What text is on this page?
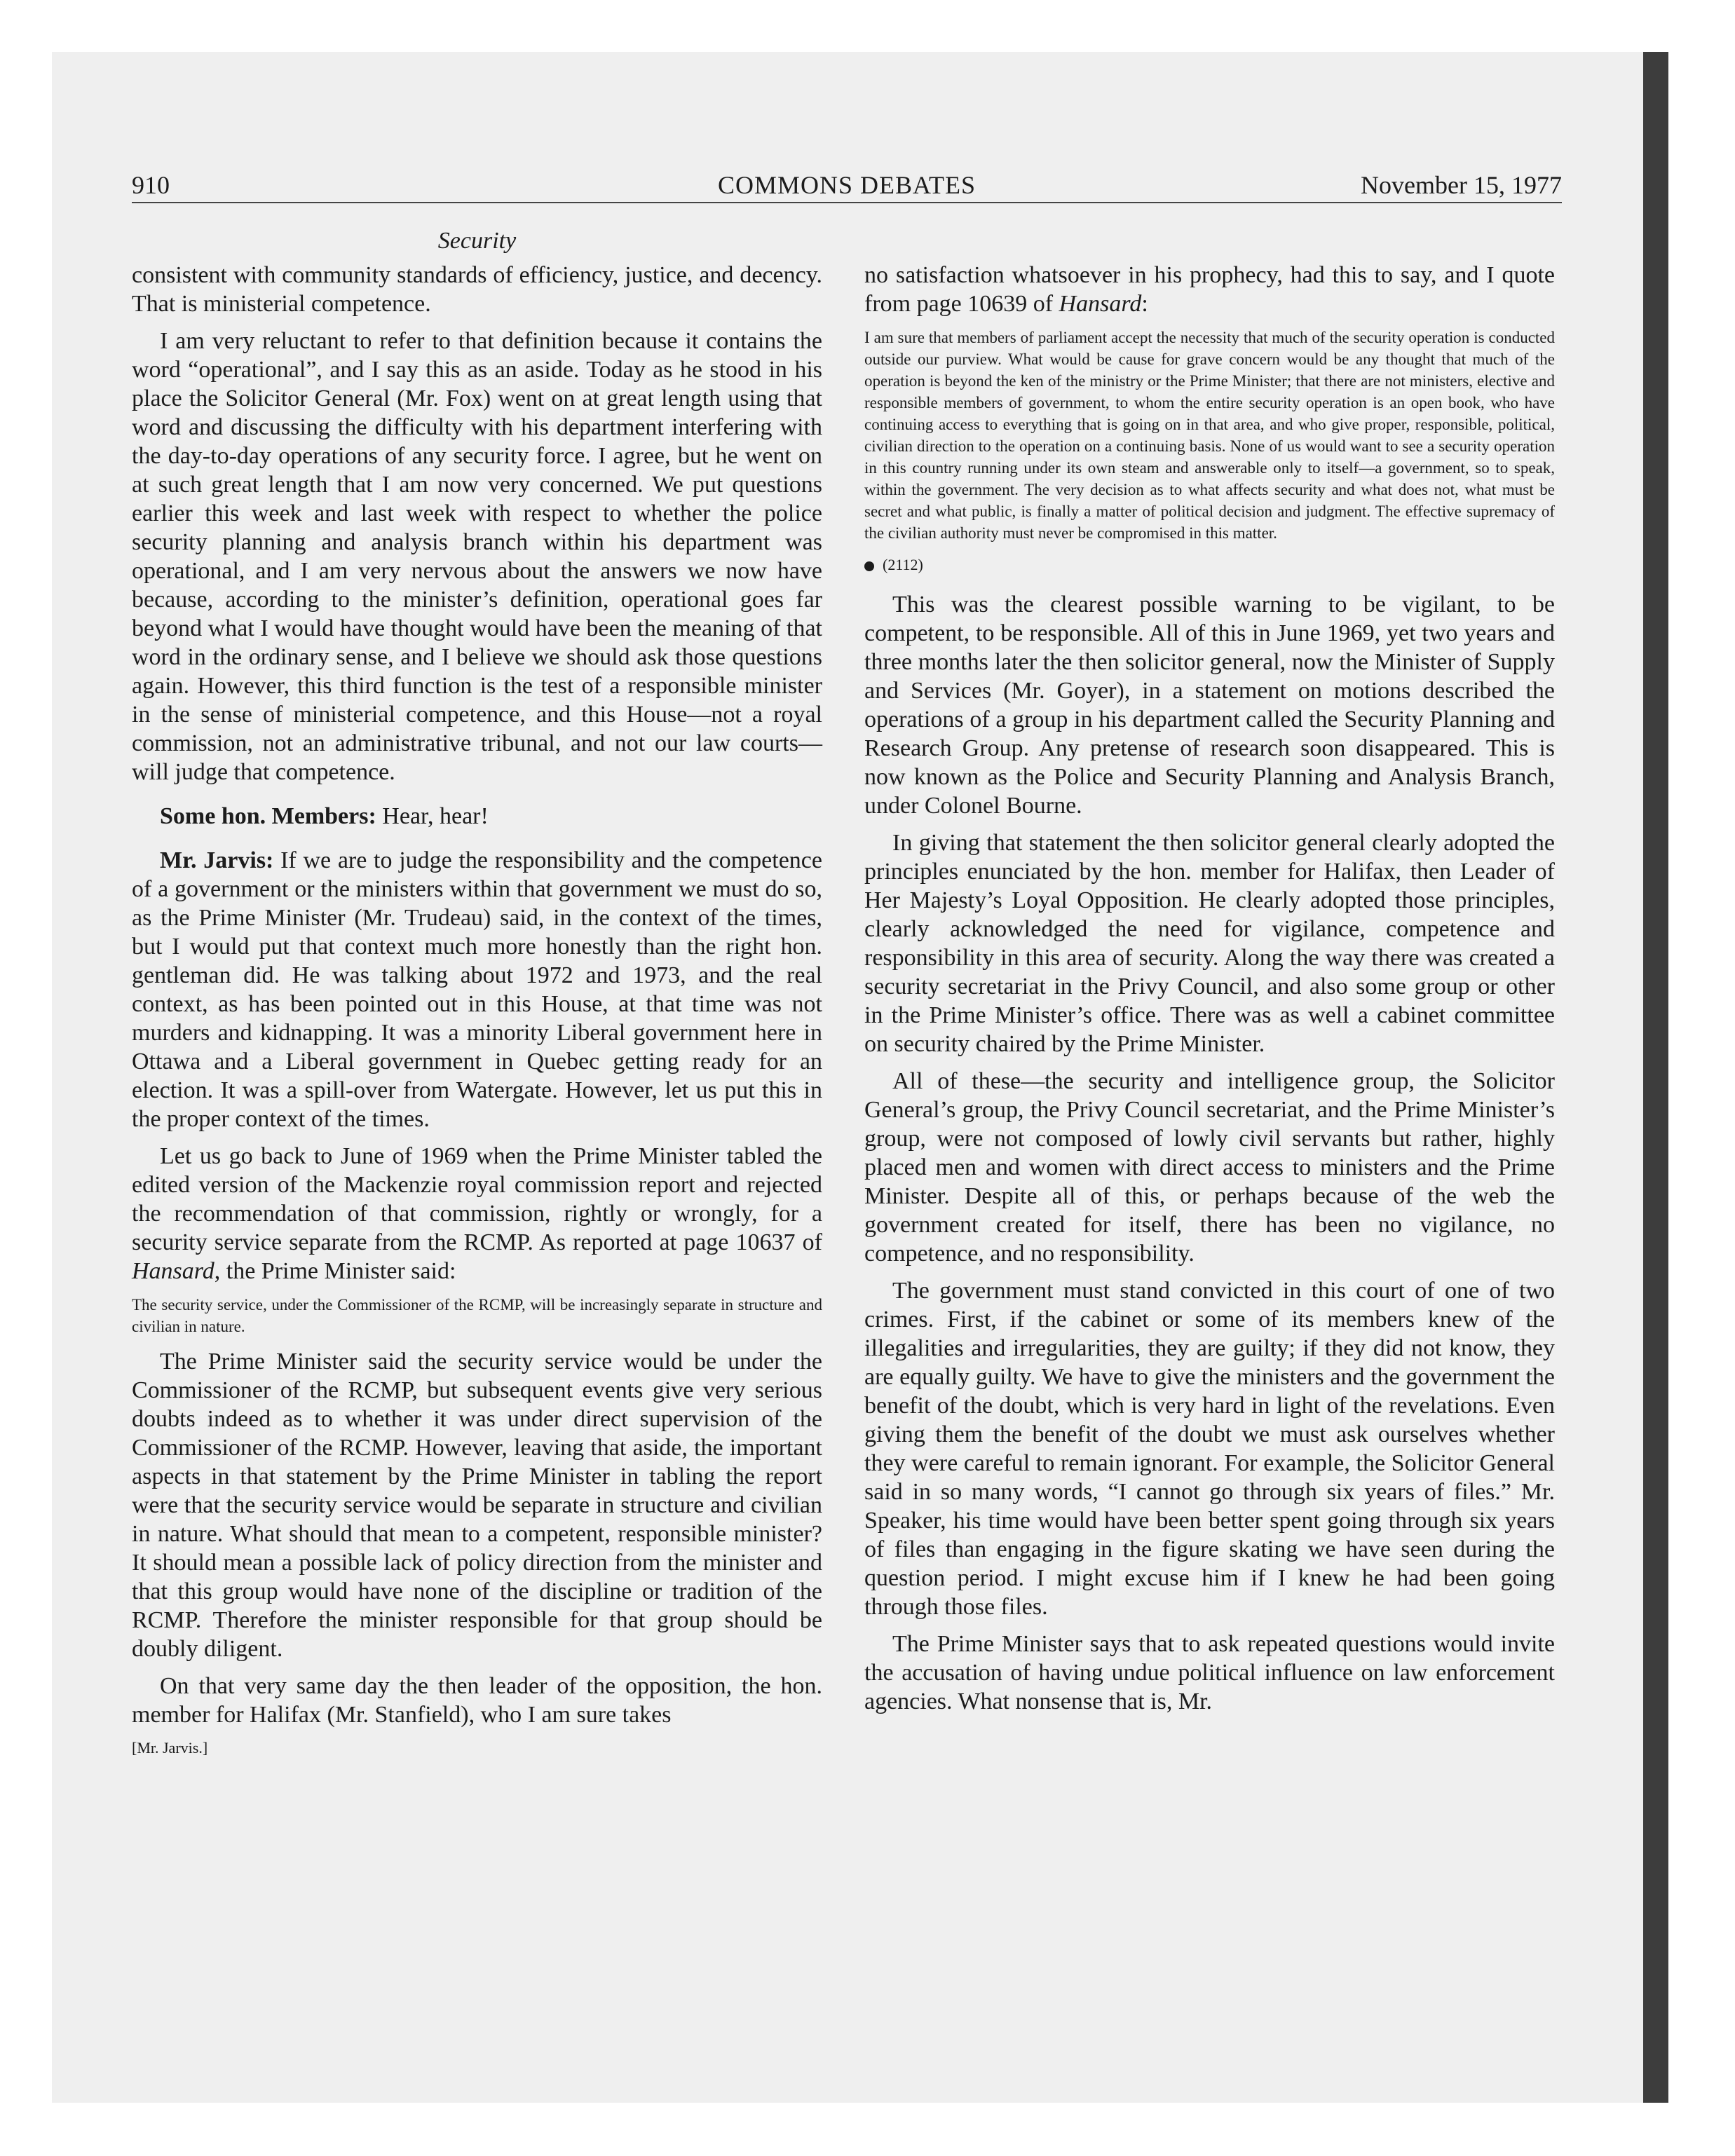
910	COMMONS DEBATES	November 15, 1977
Security

consistent with community standards of efficiency, justice, and decency. That is ministerial competence.

I am very reluctant to refer to that definition because it contains the word “operational”, and I say this as an aside. Today as he stood in his place the Solicitor General (Mr. Fox) went on at great length using that word and discussing the difficulty with his department interfering with the day-to-day operations of any security force. I agree, but he went on at such great length that I am now very concerned. We put questions earlier this week and last week with respect to whether the police security planning and analysis branch within his department was operational, and I am very nervous about the answers we now have because, according to the minister’s definition, operational goes far beyond what I would have thought would have been the meaning of that word in the ordinary sense, and I believe we should ask those questions again. However, this third function is the test of a responsible minister in the sense of ministerial competence, and this House—not a royal commission, not an administrative tribunal, and not our law courts—will judge that competence.

Some hon. Members: Hear, hear!

Mr. Jarvis: If we are to judge the responsibility and the competence of a government or the ministers within that government we must do so, as the Prime Minister (Mr. Trudeau) said, in the context of the times, but I would put that context much more honestly than the right hon. gentleman did. He was talking about 1972 and 1973, and the real context, as has been pointed out in this House, at that time was not murders and kidnapping. It was a minority Liberal government here in Ottawa and a Liberal government in Quebec getting ready for an election. It was a spill-over from Watergate. However, let us put this in the proper context of the times.

Let us go back to June of 1969 when the Prime Minister tabled the edited version of the Mackenzie royal commission report and rejected the recommendation of that commission, rightly or wrongly, for a security service separate from the RCMP. As reported at page 10637 of Hansard, the Prime Minister said:

The security service, under the Commissioner of the RCMP, will be increasingly separate in structure and civilian in nature.

The Prime Minister said the security service would be under the Commissioner of the RCMP, but subsequent events give very serious doubts indeed as to whether it was under direct supervision of the Commissioner of the RCMP. However, leaving that aside, the important aspects in that statement by the Prime Minister in tabling the report were that the security service would be separate in structure and civilian in nature. What should that mean to a competent, responsible minister? It should mean a possible lack of policy direction from the minister and that this group would have none of the discipline or tradition of the RCMP. Therefore the minister responsible for that group should be doubly diligent.

On that very same day the then leader of the opposition, the hon. member for Halifax (Mr. Stanfield), who I am sure takes

[Mr. Jarvis.]

no satisfaction whatsoever in his prophecy, had this to say, and I quote from page 10639 of Hansard:

I am sure that members of parliament accept the necessity that much of the security operation is conducted outside our purview. What would be cause for grave concern would be any thought that much of the operation is beyond the ken of the ministry or the Prime Minister; that there are not ministers, elective and responsible members of government, to whom the entire security operation is an open book, who have continuing access to everything that is going on in that area, and who give proper, responsible, political, civilian direction to the operation on a continuing basis. None of us would want to see a security operation in this country running under its own steam and answerable only to itself—a government, so to speak, within the government. The very decision as to what affects security and what does not, what must be secret and what public, is finally a matter of political decision and judgment. The effective supremacy of the civilian authority must never be compromised in this matter.

(2112)

This was the clearest possible warning to be vigilant, to be competent, to be responsible. All of this in June 1969, yet two years and three months later the then solicitor general, now the Minister of Supply and Services (Mr. Goyer), in a statement on motions described the operations of a group in his department called the Security Planning and Research Group. Any pretense of research soon disappeared. This is now known as the Police and Security Planning and Analysis Branch, under Colonel Bourne.

In giving that statement the then solicitor general clearly adopted the principles enunciated by the hon. member for Halifax, then Leader of Her Majesty’s Loyal Opposition. He clearly adopted those principles, clearly acknowledged the need for vigilance, competence and responsibility in this area of security. Along the way there was created a security secretariat in the Privy Council, and also some group or other in the Prime Minister’s office. There was as well a cabinet committee on security chaired by the Prime Minister.

All of these—the security and intelligence group, the Solicitor General’s group, the Privy Council secretariat, and the Prime Minister’s group, were not composed of lowly civil servants but rather, highly placed men and women with direct access to ministers and the Prime Minister. Despite all of this, or perhaps because of the web the government created for itself, there has been no vigilance, no competence, and no responsibility.

The government must stand convicted in this court of one of two crimes. First, if the cabinet or some of its members knew of the illegalities and irregularities, they are guilty; if they did not know, they are equally guilty. We have to give the ministers and the government the benefit of the doubt, which is very hard in light of the revelations. Even giving them the benefit of the doubt we must ask ourselves whether they were careful to remain ignorant. For example, the Solicitor General said in so many words, “I cannot go through six years of files.” Mr. Speaker, his time would have been better spent going through six years of files than engaging in the figure skating we have seen during the question period. I might excuse him if I knew he had been going through those files.

The Prime Minister says that to ask repeated questions would invite the accusation of having undue political influence on law enforcement agencies. What nonsense that is, Mr.
